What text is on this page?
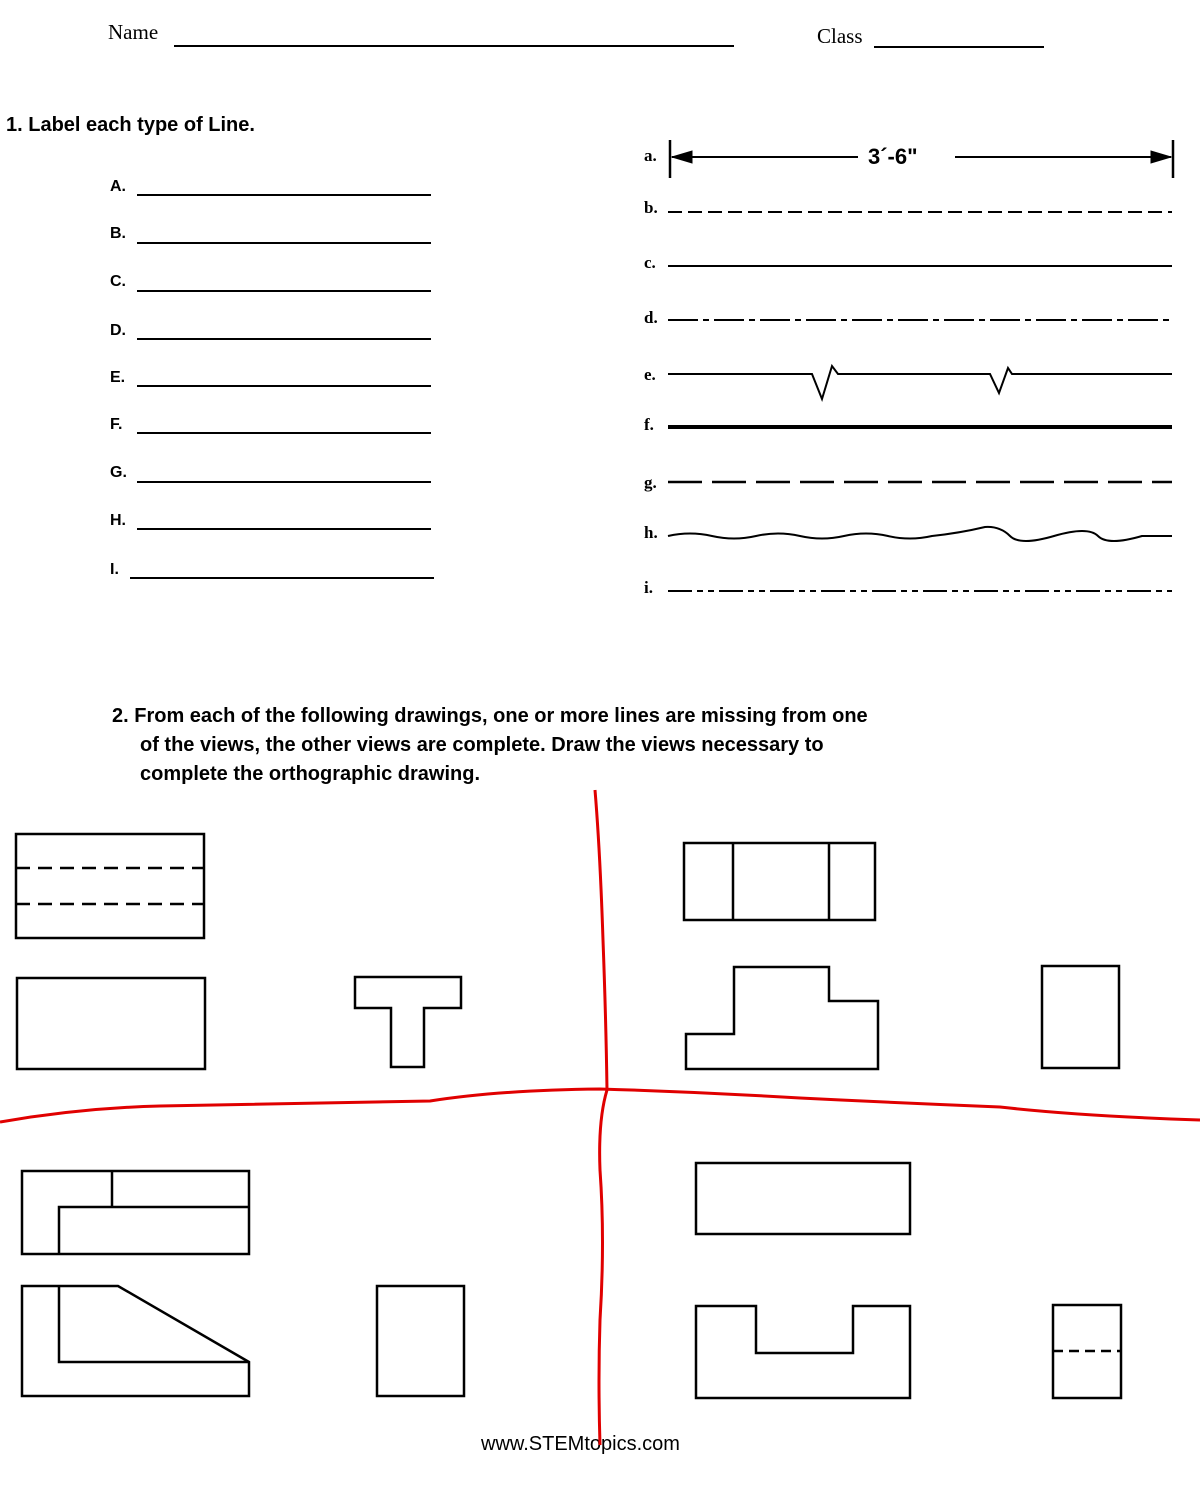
Name	Class
1. Label each type of Line.
A.
B.
C.
D.
E.
F.
G.
H.
I.
a.
b.
c.
d.
e.
f.
g.
h.
i.
3´-6"
2. From each of the following drawings, one or more lines are missing from one
of the views, the other views are complete. Draw the views necessary to
complete the orthographic drawing.
www.STEMtopics.com
